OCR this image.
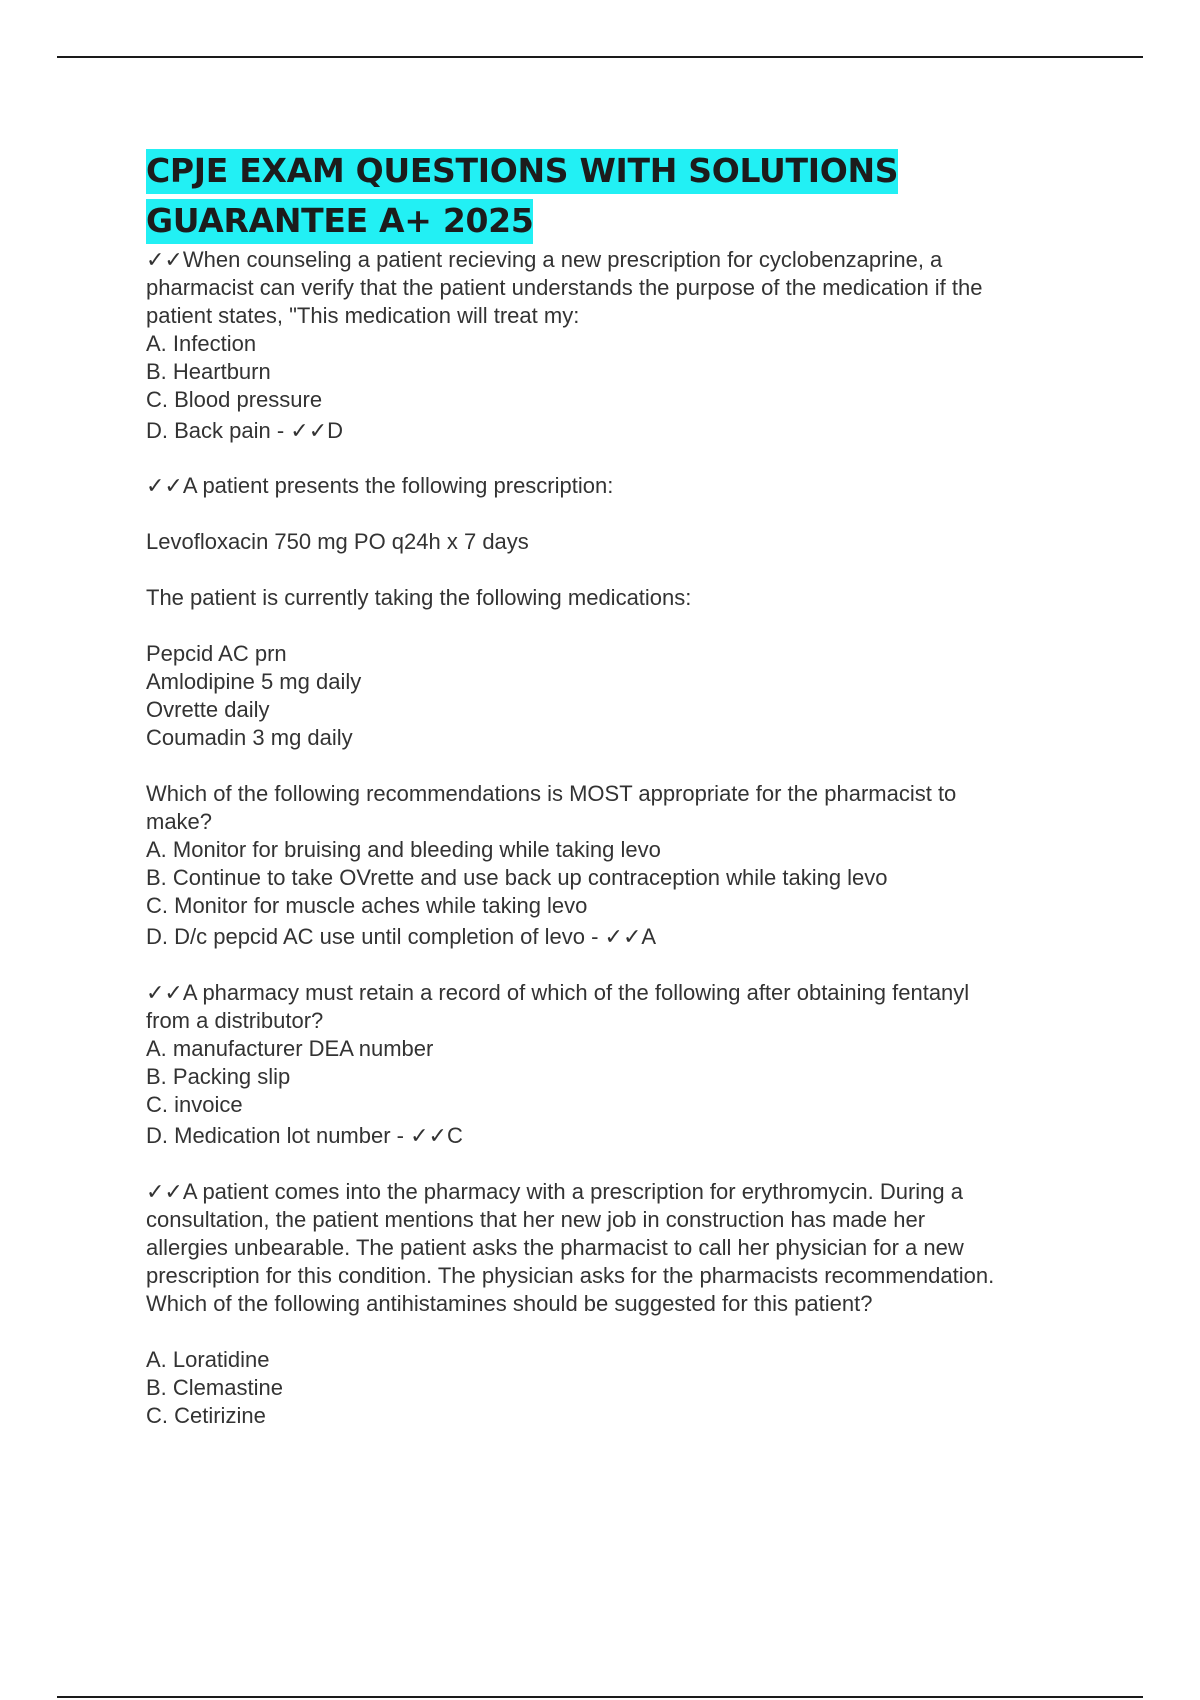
CPJE EXAM QUESTIONS WITH SOLUTIONS
GUARANTEE A+ 2025

✓✓When counseling a patient recieving a new prescription for cyclobenzaprine, a

pharmacist can verify that the patient understands the purpose of the medication if the

patient states, "This medication will treat my:

A. Infection

B. Heartburn

C. Blood pressure

D. Back pain - ✓✓D

✓✓A patient presents the following prescription:

Levofloxacin 750 mg PO q24h x 7 days

The patient is currently taking the following medications:

Pepcid AC prn

Amlodipine 5 mg daily

Ovrette daily

Coumadin 3 mg daily

Which of the following recommendations is MOST appropriate for the pharmacist to

make?

A. Monitor for bruising and bleeding while taking levo

B. Continue to take OVrette and use back up contraception while taking levo

C. Monitor for muscle aches while taking levo

D. D/c pepcid AC use until completion of levo - ✓✓A

✓✓A pharmacy must retain a record of which of the following after obtaining fentanyl

from a distributor?

A. manufacturer DEA number

B. Packing slip

C. invoice

D. Medication lot number - ✓✓C

✓✓A patient comes into the pharmacy with a prescription for erythromycin. During a

consultation, the patient mentions that her new job in construction has made her

allergies unbearable. The patient asks the pharmacist to call her physician for a new

prescription for this condition. The physician asks for the pharmacists recommendation.

Which of the following antihistamines should be suggested for this patient?

A. Loratidine

B. Clemastine

C. Cetirizine
